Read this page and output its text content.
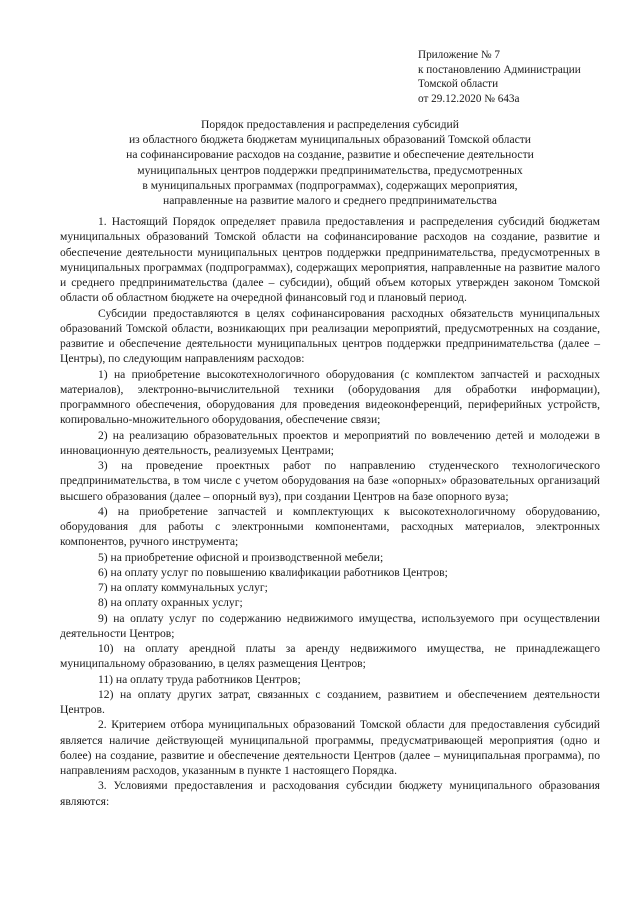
Приложение № 7
к постановлению Администрации
Томской области
от 29.12.2020 № 643а
Порядок предоставления и распределения субсидий
из областного бюджета бюджетам муниципальных образований Томской области
на софинансирование расходов на создание, развитие и обеспечение деятельности
муниципальных центров поддержки предпринимательства, предусмотренных
в муниципальных программах (подпрограммах), содержащих мероприятия,
направленные на развитие малого и среднего предпринимательства

1. Настоящий Порядок определяет правила предоставления и распределения субсидий бюджетам муниципальных образований Томской области на софинансирование расходов на создание, развитие и обеспечение деятельности муниципальных центров поддержки предпринимательства, предусмотренных в муниципальных программах (подпрограммах), содержащих мероприятия, направленные на развитие малого и среднего предпринимательства (далее – субсидии), общий объем которых утвержден законом Томской области об областном бюджете на очередной финансовый год и плановый период.

Субсидии предоставляются в целях софинансирования расходных обязательств муниципальных образований Томской области, возникающих при реализации мероприятий, предусмотренных на создание, развитие и обеспечение деятельности муниципальных центров поддержки предпринимательства (далее – Центры), по следующим направлениям расходов:

1) на приобретение высокотехнологичного оборудования (с комплектом запчастей и расходных материалов), электронно-вычислительной техники (оборудования для обработки информации), программного обеспечения, оборудования для проведения видеоконференций, периферийных устройств, копировально-множительного оборудования, обеспечение связи;

2) на реализацию образовательных проектов и мероприятий по вовлечению детей и молодежи в инновационную деятельность, реализуемых Центрами;

3) на проведение проектных работ по направлению студенческого технологического предпринимательства, в том числе с учетом оборудования на базе «опорных» образовательных организаций высшего образования (далее – опорный вуз), при создании Центров на базе опорного вуза;

4) на приобретение запчастей и комплектующих к высокотехнологичному оборудованию, оборудования для работы с электронными компонентами, расходных материалов, электронных компонентов, ручного инструмента;

5) на приобретение офисной и производственной мебели;

6) на оплату услуг по повышению квалификации работников Центров;

7) на оплату коммунальных услуг;

8) на оплату охранных услуг;

9) на оплату услуг по содержанию недвижимого имущества, используемого при осуществлении деятельности Центров;

10) на оплату арендной платы за аренду недвижимого имущества, не принадлежащего муниципальному образованию, в целях размещения Центров;

11) на оплату труда работников Центров;

12) на оплату других затрат, связанных с созданием, развитием и обеспечением деятельности Центров.

2. Критерием отбора муниципальных образований Томской области для предоставления субсидий является наличие действующей муниципальной программы, предусматривающей мероприятия (одно и более) на создание, развитие и обеспечение деятельности Центров (далее – муниципальная программа), по направлениям расходов, указанным в пункте 1 настоящего Порядка.

3. Условиями предоставления и расходования субсидии бюджету муниципального образования являются:
